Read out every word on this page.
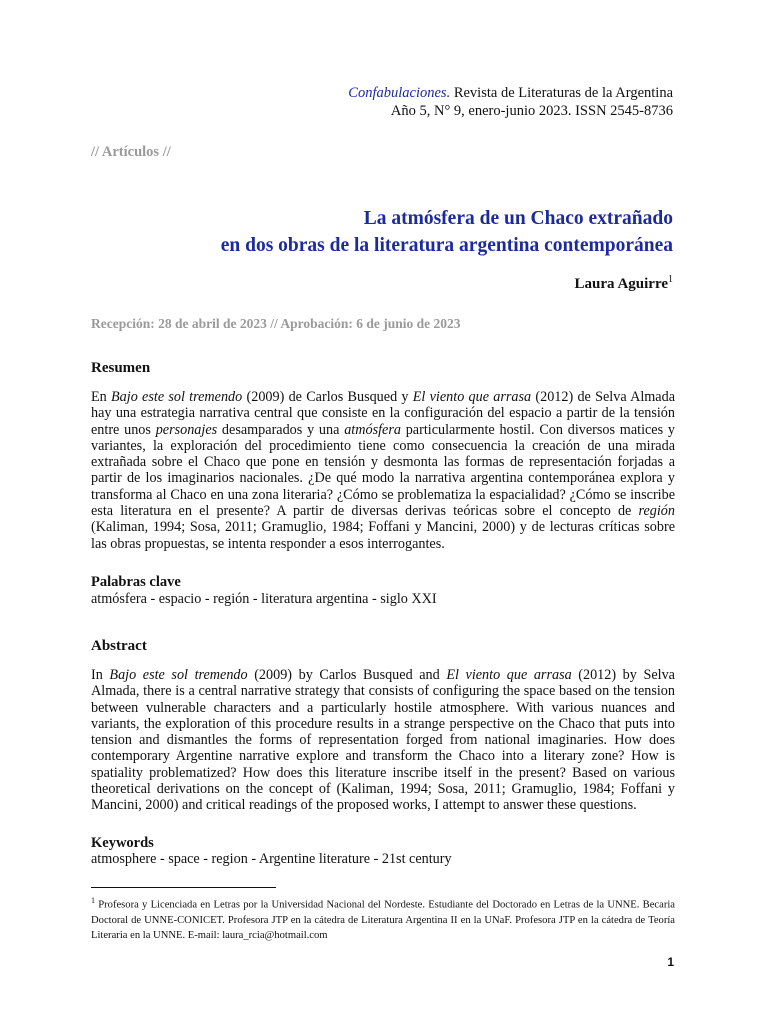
Confabulaciones. Revista de Literaturas de la Argentina
Año 5, N° 9, enero-junio 2023. ISSN 2545-8736
// Artículos //
La atmósfera de un Chaco extrañado
en dos obras de la literatura argentina contemporánea
Laura Aguirre$^1$
Recepción: 28 de abril de 2023 // Aprobación: 6 de junio de 2023
Resumen
En Bajo este sol tremendo (2009) de Carlos Busqued y El viento que arrasa (2012) de Selva Almada hay una estrategia narrativa central que consiste en la configuración del espacio a partir de la tensión entre unos personajes desamparados y una atmósfera particularmente hostil. Con diversos matices y variantes, la exploración del procedimiento tiene como consecuencia la creación de una mirada extrañada sobre el Chaco que pone en tensión y desmonta las formas de representación forjadas a partir de los imaginarios nacionales. ¿De qué modo la narrativa argentina contemporánea explora y transforma al Chaco en una zona literaria? ¿Cómo se problematiza la espacialidad? ¿Cómo se inscribe esta literatura en el presente? A partir de diversas derivas teóricas sobre el concepto de región (Kaliman, 1994; Sosa, 2011; Gramuglio, 1984; Foffani y Mancini, 2000) y de lecturas críticas sobre las obras propuestas, se intenta responder a esos interrogantes.
Palabras clave
atmósfera - espacio - región - literatura argentina - siglo XXI
Abstract
In Bajo este sol tremendo (2009) by Carlos Busqued and El viento que arrasa (2012) by Selva Almada, there is a central narrative strategy that consists of configuring the space based on the tension between vulnerable characters and a particularly hostile atmosphere. With various nuances and variants, the exploration of this procedure results in a strange perspective on the Chaco that puts into tension and dismantles the forms of representation forged from national imaginaries. How does contemporary Argentine narrative explore and transform the Chaco into a literary zone? How is spatiality problematized? How does this literature inscribe itself in the present? Based on various theoretical derivations on the concept of (Kaliman, 1994; Sosa, 2011; Gramuglio, 1984; Foffani y Mancini, 2000) and critical readings of the proposed works, I attempt to answer these questions.
Keywords
atmosphere - space - region - Argentine literature - 21st century
$^1$ Profesora y Licenciada en Letras por la Universidad Nacional del Nordeste. Estudiante del Doctorado en Letras de la UNNE. Becaria Doctoral de UNNE-CONICET. Profesora JTP en la cátedra de Literatura Argentina II en la UNaF. Profesora JTP en la cátedra de Teoría Literaria en la UNNE. E-mail: laura_rcia@hotmail.com
1
